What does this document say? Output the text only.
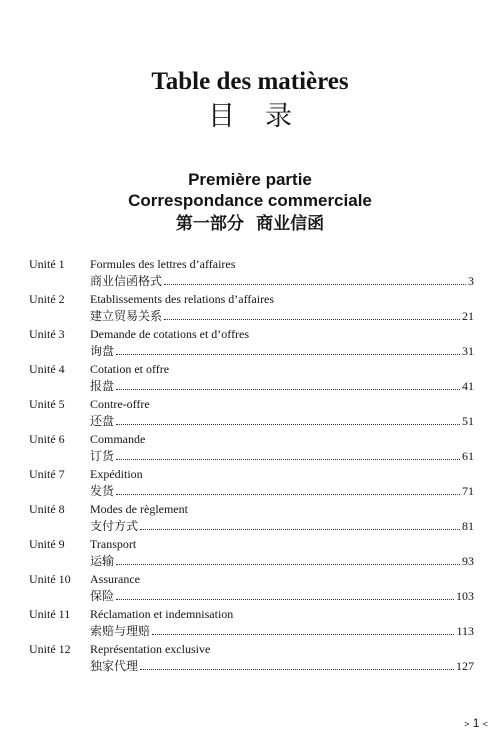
Table des matières
目录
Première partie
Correspondance commerciale
第一部分 商业信函
Unité 1 Formules des lettres d’affaires
商业信函格式	3
Unité 2 Etablissements des relations d’affaires
建立贸易关系	21
Unité 3 Demande de cotations et d’offres
询盘	31
Unité 4 Cotation et offre
报盘	41
Unité 5 Contre-offre
还盘	51
Unité 6 Commande
订货	61
Unité 7 Expédition
发货	71
Unité 8 Modes de règlement
支付方式	81
Unité 9 Transport
运输	93
Unité 10 Assurance
保险	103
Unité 11 Réclamation et indemnisation
索赔与理赔	113
Unité 12 Représentation exclusive
独家代理	127
> 1 <
